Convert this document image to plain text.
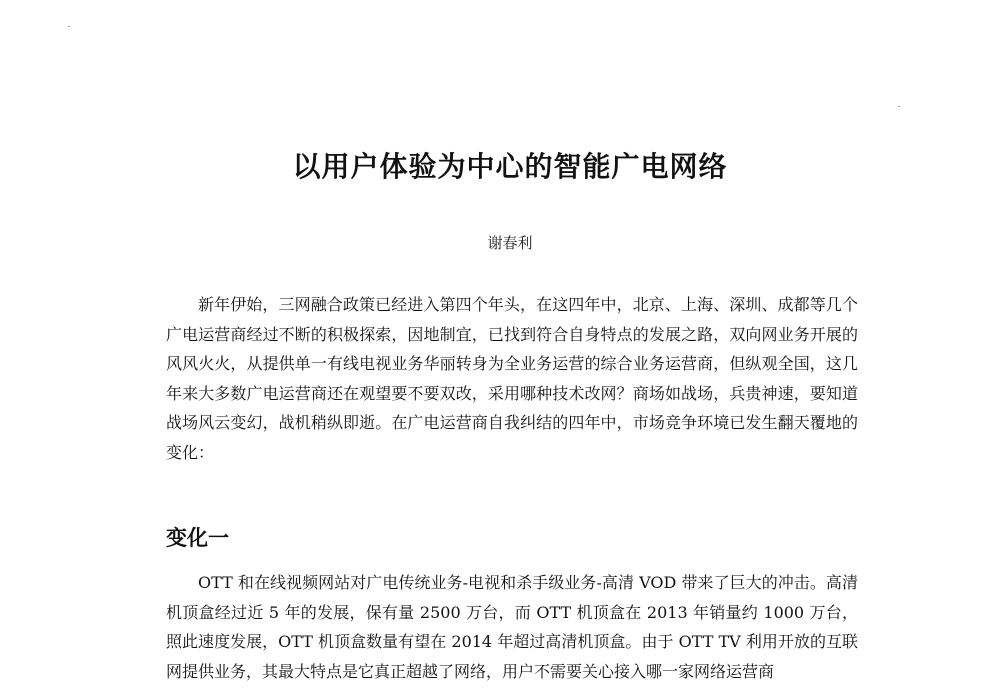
以用户体验为中心的智能广电网络
谢春利

新年伊始，三网融合政策已经进入第四个年头，在这四年中，北京、上海、深圳、成都等几个广电运营商经过不断的积极探索，因地制宜，已找到符合自身特点的发展之路，双向网业务开展的风风火火，从提供单一有线电视业务华丽转身为全业务运营的综合业务运营商，但纵观全国，这几年来大多数广电运营商还在观望要不要双改，采用哪种技术改网？商场如战场，兵贵神速，要知道战场风云变幻，战机稍纵即逝。在广电运营商自我纠结的四年中，市场竞争环境已发生翻天覆地的变化：

变化一

OTT 和在线视频网站对广电传统业务-电视和杀手级业务-高清 VOD 带来了巨大的冲击。高清机顶盒经过近 5 年的发展，保有量 2500 万台，而 OTT 机顶盒在 2013 年销量约 1000 万台，照此速度发展，OTT 机顶盒数量有望在 2014 年超过高清机顶盒。由于 OTT TV 利用开放的互联网提供业务，其最大特点是它真正超越了网络，用户不需要关心接入哪一家网络运营商
